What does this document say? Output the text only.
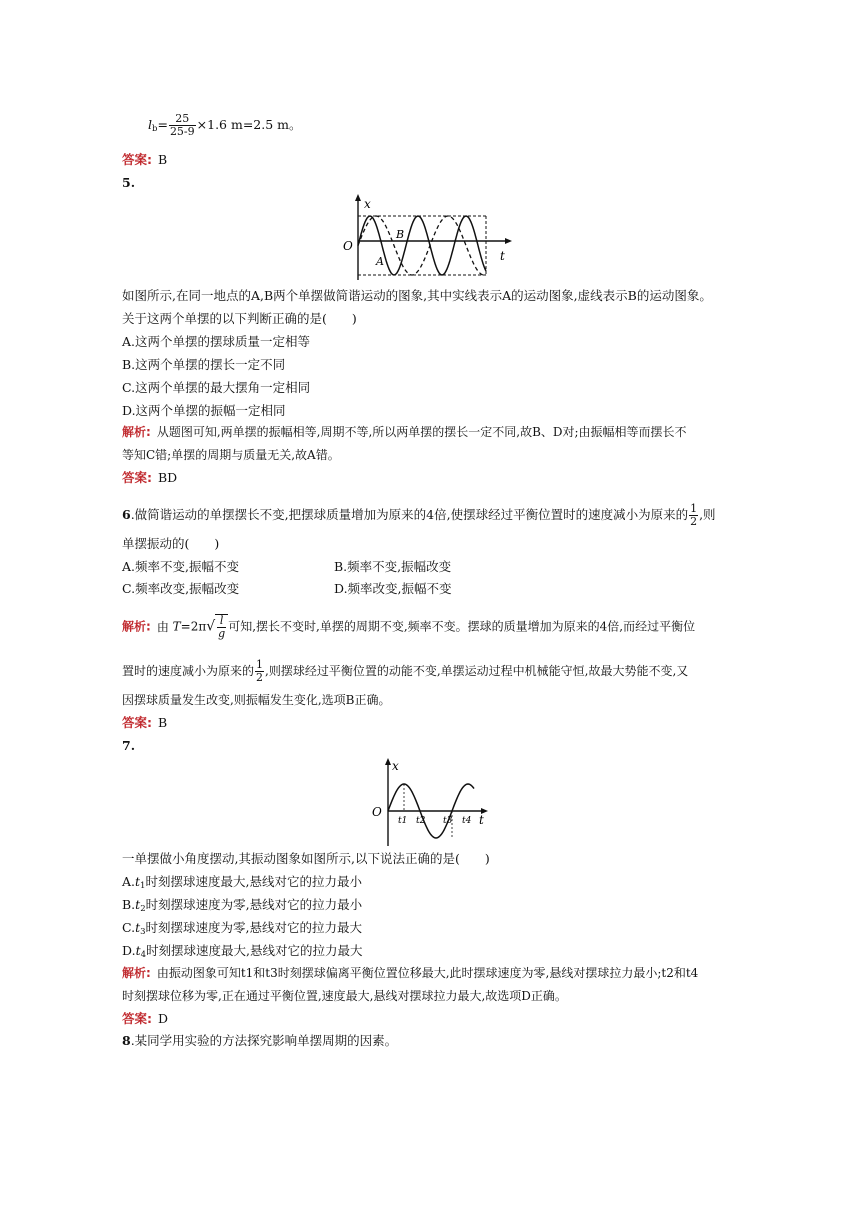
$l_b= \frac{25}{25-9} \times 1.6$ m=2.5 m。
答案: B
5.
x
O
t
B
A
如图所示,在同一地点的A,B两个单摆做简谐运动的图象,其中实线表示A的运动图象,虚线表示B的运动图象。
关于这两个单摆的以下判断正确的是(　　)
A.这两个单摆的摆球质量一定相等
B.这两个单摆的摆长一定不同
C.这两个单摆的最大摆角一定相同
D.这两个单摆的振幅一定相同
解析: 从题图可知,两单摆的振幅相等,周期不等,所以两单摆的摆长一定不同,故B、D对;由振幅相等而摆长不
等知C错;单摆的周期与质量无关,故A错。
答案: BD
6.做简谐运动的单摆摆长不变,把摆球质量增加为原来的4倍,使摆球经过平衡位置时的速度减小为原来的 $\frac{1}{2}$ ,则
单摆振动的(　　)
A.频率不变,振幅不变	B.频率不变,振幅改变
C.频率改变,振幅改变	D.频率改变,振幅不变
解析: 由 $T=2\pi√ \frac{l}{g}$ 可知,摆长不变时,单摆的周期不变,频率不变。摆球的质量增加为原来的4倍,而经过平衡位
置时的速度减小为原来的 $\frac{1}{2}$ ,则摆球经过平衡位置的动能不变,单摆运动过程中机械能守恒,故最大势能不变,又
因摆球质量发生改变,则振幅发生变化,选项B正确。
答案: B
7.
x
O
t
t1 t2 t3 t4
一单摆做小角度摆动,其振动图象如图所示,以下说法正确的是(　　)
$A.t_1$时刻摆球速度最大,悬线对它的拉力最小
$B.t_2$时刻摆球速度为零,悬线对它的拉力最小
$C.t_3$时刻摆球速度为零,悬线对它的拉力最大
$D.t_4$时刻摆球速度最大,悬线对它的拉力最大
解析: 由振动图象可知t1和t3时刻摆球偏离平衡位置位移最大,此时摆球速度为零,悬线对摆球拉力最小;t2和t4
时刻摆球位移为零,正在通过平衡位置,速度最大,悬线对摆球拉力最大,故选项D正确。
答案: D
8.某同学用实验的方法探究影响单摆周期的因素。
